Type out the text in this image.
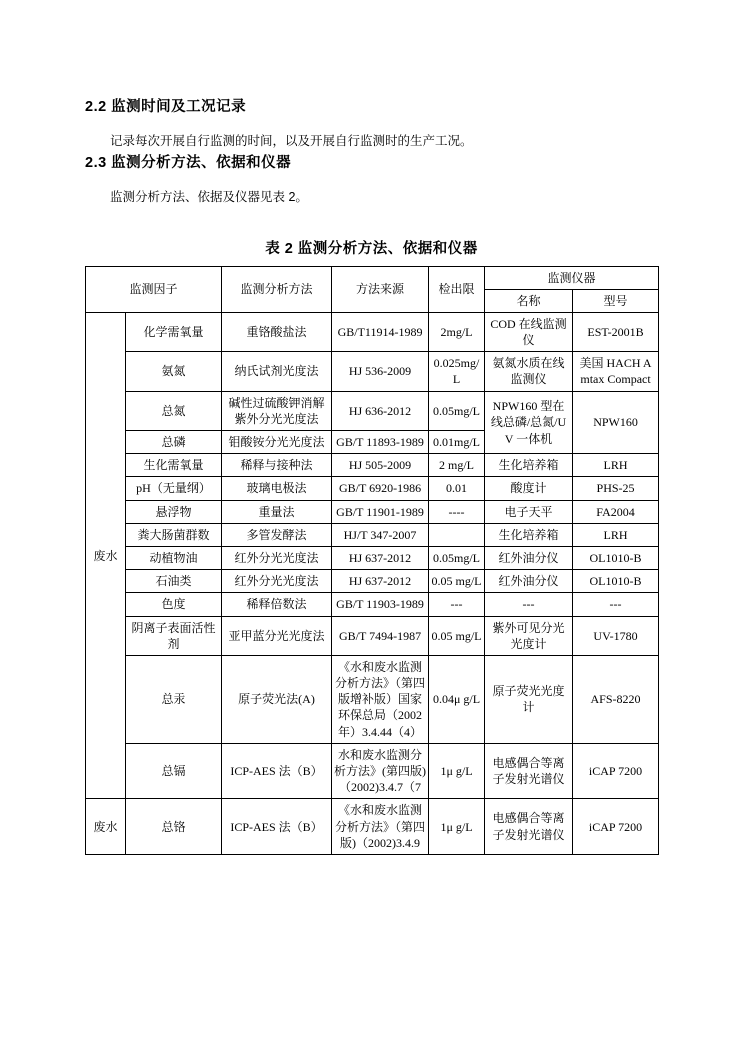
2.2 监测时间及工况记录

记录每次开展自行监测的时间，以及开展自行监测时的生产工况。

2.3 监测分析方法、依据和仪器

监测分析方法、依据及仪器见表 2。

表 2 监测分析方法、依据和仪器
监测因子		监测分析方法	方法来源	检出限	监测仪器	
					名称	型号
废水	化学需氧量	重铬酸盐法	GB/T11914-1989	2mg/L	COD 在线监测仪	EST-2001B
	氨氮	纳氏试剂光度法	HJ 536-2009	0.025mg/L	氨氮水质在线监测仪	美国 HACH Amtax Compact
	总氮	碱性过硫酸钾消解紫外分光光度法	HJ 636-2012	0.05mg/L	NPW160 型在线总磷/总氮/UV 一体机	NPW160
	总磷	钼酸铵分光光度法	GB/T 11893-1989	0.01mg/L		
	生化需氧量	稀释与接种法	HJ 505-2009	2 mg/L	生化培养箱	LRH
	pH（无量纲）	玻璃电极法	GB/T 6920-1986	0.01	酸度计	PHS-25
	悬浮物	重量法	GB/T 11901-1989	----	电子天平	FA2004
	粪大肠菌群数	多管发酵法	HJ/T 347-2007		生化培养箱	LRH
	动植物油	红外分光光度法	HJ 637-2012	0.05mg/L	红外油分仪	OL1010-B
	石油类	红外分光光度法	HJ 637-2012	0.05 mg/L	红外油分仪	OL1010-B
	色度	稀释倍数法	GB/T 11903-1989	---	---	---
	阴离子表面活性剂	亚甲蓝分光光度法	GB/T 7494-1987	0.05 mg/L	紫外可见分光光度计	UV-1780
	总汞	原子荧光法(A)	《水和废水监测分析方法》（第四版增补版）国家环保总局（2002年）3.4.44（4）	0.04μ g/L	原子荧光光度计	AFS-8220
	总镉	ICP-AES 法（B）	水和废水监测分析方法》(第四版)（2002)3.4.7（7	1μ g/L	电感偶合等离子发射光谱仪	iCAP 7200
废水	总铬	ICP-AES 法（B）	《水和废水监测分析方法》（第四版)（2002)3.4.9	1μ g/L	电感偶合等离子发射光谱仪	iCAP 7200
